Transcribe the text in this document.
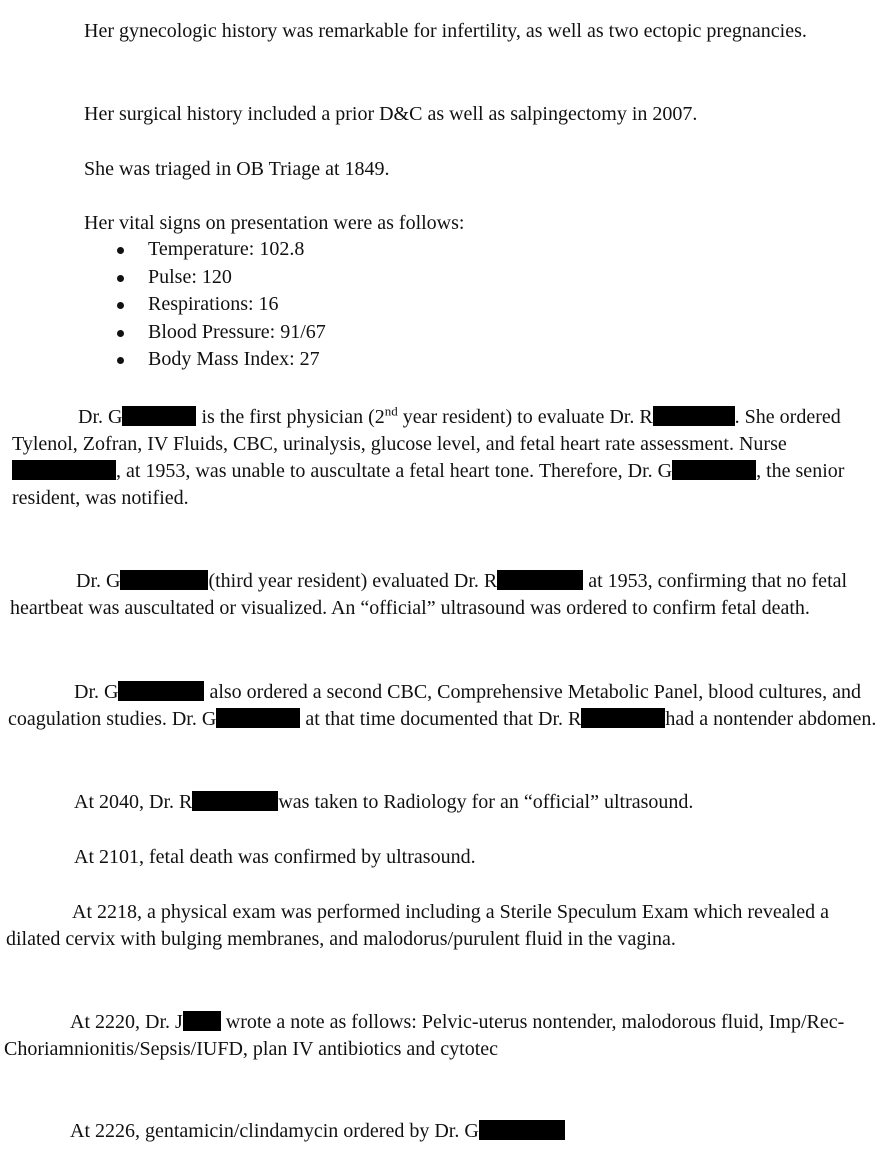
Her gynecologic history was remarkable for infertility, as well as two ectopic pregnancies.

Her surgical history included a prior D&C as well as salpingectomy in 2007.

She was triaged in OB Triage at 1849.

Her vital signs on presentation were as follows:

Temperature: 102.8
Pulse: 120
Respirations: 16
Blood Pressure: 91/67
Body Mass Index: 27

Dr. G	is the first physician (2nd year resident) to evaluate Dr. R	. She ordered Tylenol, Zofran, IV Fluids, CBC, urinalysis, glucose level, and fetal heart rate assessment. Nurse , at 1953, was unable to auscultate a fetal heart tone. Therefore, Dr. G	, the senior resident, was notified.

Dr. G	(third year resident) evaluated Dr. R	at 1953, confirming that no fetal heartbeat was auscultated or visualized. An “official” ultrasound was ordered to confirm fetal death.

Dr. G	also ordered a second CBC, Comprehensive Metabolic Panel, blood cultures, and coagulation studies. Dr. G	at that time documented that Dr. R	had a nontender abdomen.

At 2040, Dr. R	was taken to Radiology for an “official” ultrasound.

At 2101, fetal death was confirmed by ultrasound.

At 2218, a physical exam was performed including a Sterile Speculum Exam which revealed a dilated cervix with bulging membranes, and malodorus/purulent fluid in the vagina.

At 2220, Dr. J wrote a note as follows: Pelvic-uterus nontender, malodorous fluid, Imp/Rec-Choriamnionitis/Sepsis/IUFD, plan IV antibiotics and cytotec

At 2226, gentamicin/clindamycin ordered by Dr. G
